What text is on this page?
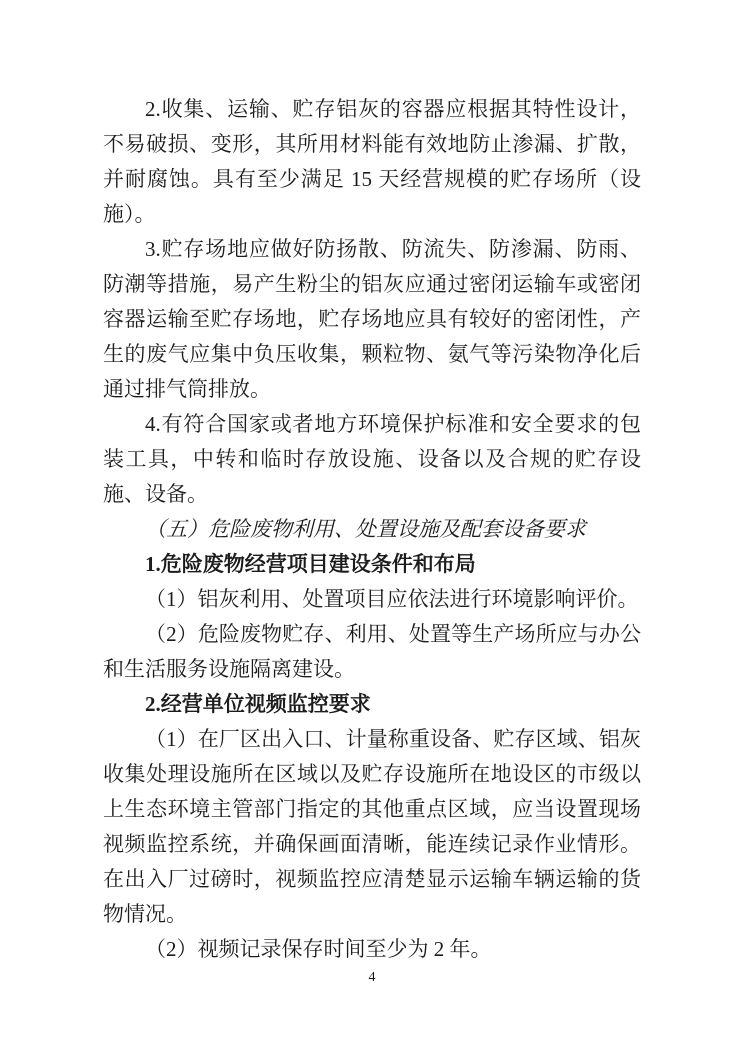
2.收集、运输、贮存铝灰的容器应根据其特性设计，不易破损、变形，其所用材料能有效地防止渗漏、扩散，并耐腐蚀。具有至少满足 15 天经营规模的贮存场所（设施）。

3.贮存场地应做好防扬散、防流失、防渗漏、防雨、防潮等措施，易产生粉尘的铝灰应通过密闭运输车或密闭容器运输至贮存场地，贮存场地应具有较好的密闭性，产生的废气应集中负压收集，颗粒物、氨气等污染物净化后通过排气筒排放。

4.有符合国家或者地方环境保护标准和安全要求的包装工具，中转和临时存放设施、设备以及合规的贮存设施、设备。

（五）危险废物利用、处置设施及配套设备要求

1.危险废物经营项目建设条件和布局

（1）铝灰利用、处置项目应依法进行环境影响评价。

（2）危险废物贮存、利用、处置等生产场所应与办公和生活服务设施隔离建设。

2.经营单位视频监控要求

（1）在厂区出入口、计量称重设备、贮存区域、铝灰收集处理设施所在区域以及贮存设施所在地设区的市级以上生态环境主管部门指定的其他重点区域，应当设置现场视频监控系统，并确保画面清晰，能连续记录作业情形。在出入厂过磅时，视频监控应清楚显示运输车辆运输的货物情况。

（2）视频记录保存时间至少为 2 年。

4
